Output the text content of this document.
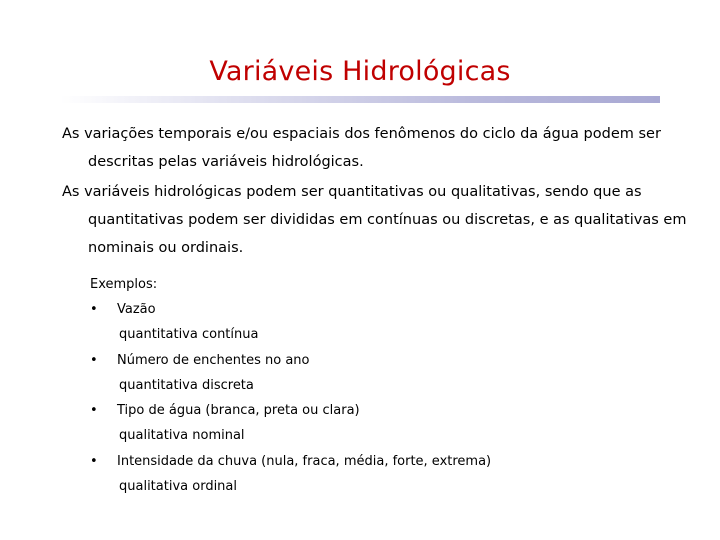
Variáveis Hidrológicas
As variações temporais e/ou espaciais dos fenômenos do ciclo da água podem ser descritas pelas variáveis hidrológicas.
As variáveis hidrológicas podem ser quantitativas ou qualitativas, sendo que as quantitativas podem ser divididas em contínuas ou discretas, e as qualitativas em nominais ou ordinais.
Exemplos:
• Vazão
quantitativa contínua
• Número de enchentes no ano
quantitativa discreta
• Tipo de água (branca, preta ou clara)
qualitativa nominal
• Intensidade da chuva (nula, fraca, média, forte, extrema)
qualitativa ordinal
